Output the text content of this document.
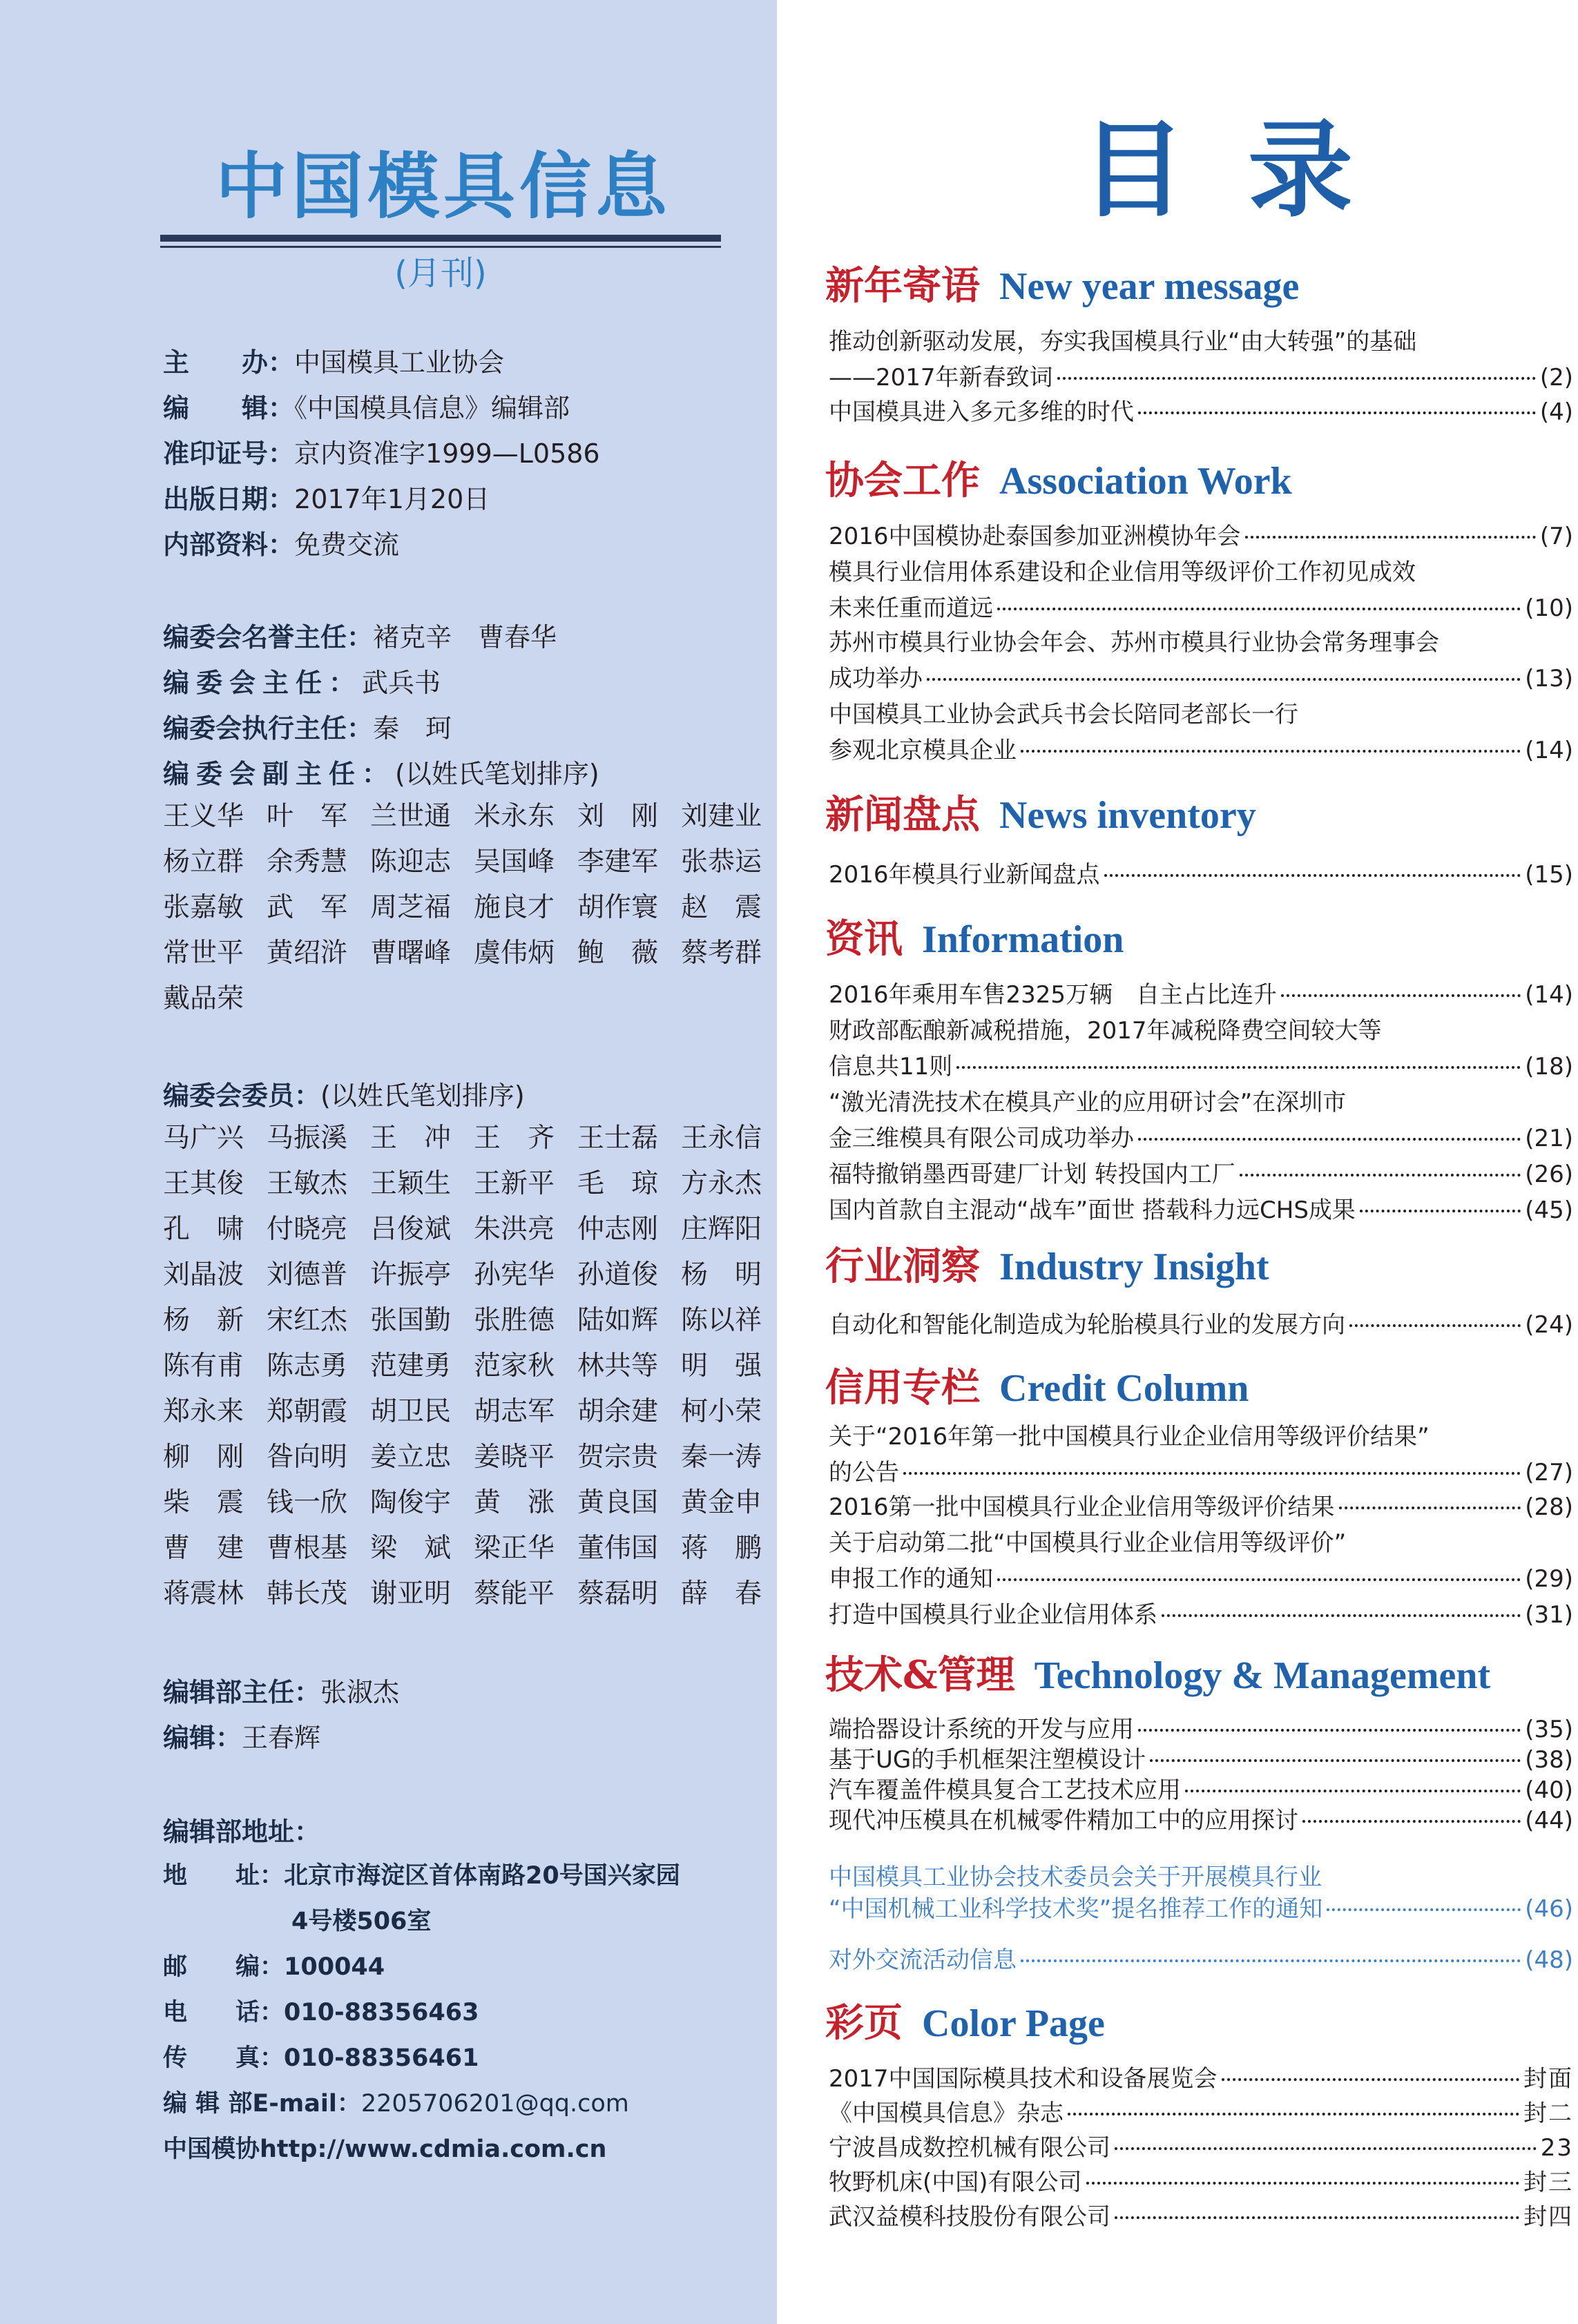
中国模具信息
(月刊)
主　　办：中国模具工业协会
编　　辑：《中国模具信息》编辑部
准印证号：京内资准字1999—L0586
出版日期：2017年1月20日
内部资料：免费交流
编委会名誉主任：褚克辛　曹春华
编委会主任：武兵书
编委会执行主任：秦　珂
编委会副主任：(以姓氏笔划排序)
王义华 叶　军 兰世通 米永东 刘　刚 刘建业
杨立群 余秀慧 陈迎志 吴国峰 李建军 张恭运
张嘉敏 武　军 周芝福 施良才 胡作寰 赵　震
常世平 黄绍浒 曹曙峰 虞伟炳 鲍　薇 蔡考群
戴品荣
编委会委员：(以姓氏笔划排序)
马广兴 马振溪 王　冲 王　齐 王士磊 王永信
王其俊 王敏杰 王颖生 王新平 毛　琼 方永杰
孔　啸 付晓亮 吕俊斌 朱洪亮 仲志刚 庄辉阳
刘晶波 刘德普 许振亭 孙宪华 孙道俊 杨　明
杨　新 宋红杰 张国勤 张胜德 陆如辉 陈以祥
陈有甫 陈志勇 范建勇 范家秋 林共等 明　强
郑永来 郑朝霞 胡卫民 胡志军 胡余建 柯小荣
柳　刚 昝向明 姜立忠 姜晓平 贺宗贵 秦一涛
柴　震 钱一欣 陶俊宇 黄　涨 黄良国 黄金申
曹　建 曹根基 梁　斌 梁正华 董伟国 蒋　鹏
蒋震林 韩长茂 谢亚明 蔡能平 蔡磊明 薛　春
编辑部主任：张淑杰
编辑：王春辉
编辑部地址：
地　　址：北京市海淀区首体南路20号国兴家园
4号楼506室
邮　　编：100044
电　　话：010-88356463
传　　真：010-88356461
编 辑 部E-mail：2205706201@qq.com
中国模协http://www.cdmia.com.cn
目录
新年寄语 New year message
推动创新驱动发展，夯实我国模具行业“由大转强”的基础
——2017年新春致词	(2)
中国模具进入多元多维的时代	(4)
协会工作 Association Work
2016中国模协赴泰国参加亚洲模协年会	(7)
模具行业信用体系建设和企业信用等级评价工作初见成效
未来任重而道远	(10)
苏州市模具行业协会年会、苏州市模具行业协会常务理事会
成功举办	(13)
中国模具工业协会武兵书会长陪同老部长一行
参观北京模具企业	(14)
新闻盘点 News inventory
2016年模具行业新闻盘点	(15)
资讯 Information
2016年乘用车售2325万辆　自主占比连升	(14)
财政部酝酿新减税措施，2017年减税降费空间较大等
信息共11则	(18)
“激光清洗技术在模具产业的应用研讨会”在深圳市
金三维模具有限公司成功举办	(21)
福特撤销墨西哥建厂计划 转投国内工厂	(26)
国内首款自主混动“战车”面世 搭载科力远CHS成果	(45)
行业洞察 Industry Insight
自动化和智能化制造成为轮胎模具行业的发展方向	(24)
信用专栏 Credit Column
关于“2016年第一批中国模具行业企业信用等级评价结果”
的公告	(27)
2016第一批中国模具行业企业信用等级评价结果	(28)
关于启动第二批“中国模具行业企业信用等级评价”
申报工作的通知	(29)
打造中国模具行业企业信用体系	(31)
技术&管理 Technology & Management
端拾器设计系统的开发与应用	(35)
基于UG的手机框架注塑模设计	(38)
汽车覆盖件模具复合工艺技术应用	(40)
现代冲压模具在机械零件精加工中的应用探讨	(44)
中国模具工业协会技术委员会关于开展模具行业
“中国机械工业科学技术奖”提名推荐工作的通知	(46)
对外交流活动信息	(48)
彩页 Color Page
2017中国国际模具技术和设备展览会	封面
《中国模具信息》杂志	封二
宁波昌成数控机械有限公司	23
牧野机床(中国)有限公司	封三
武汉益模科技股份有限公司	封四
